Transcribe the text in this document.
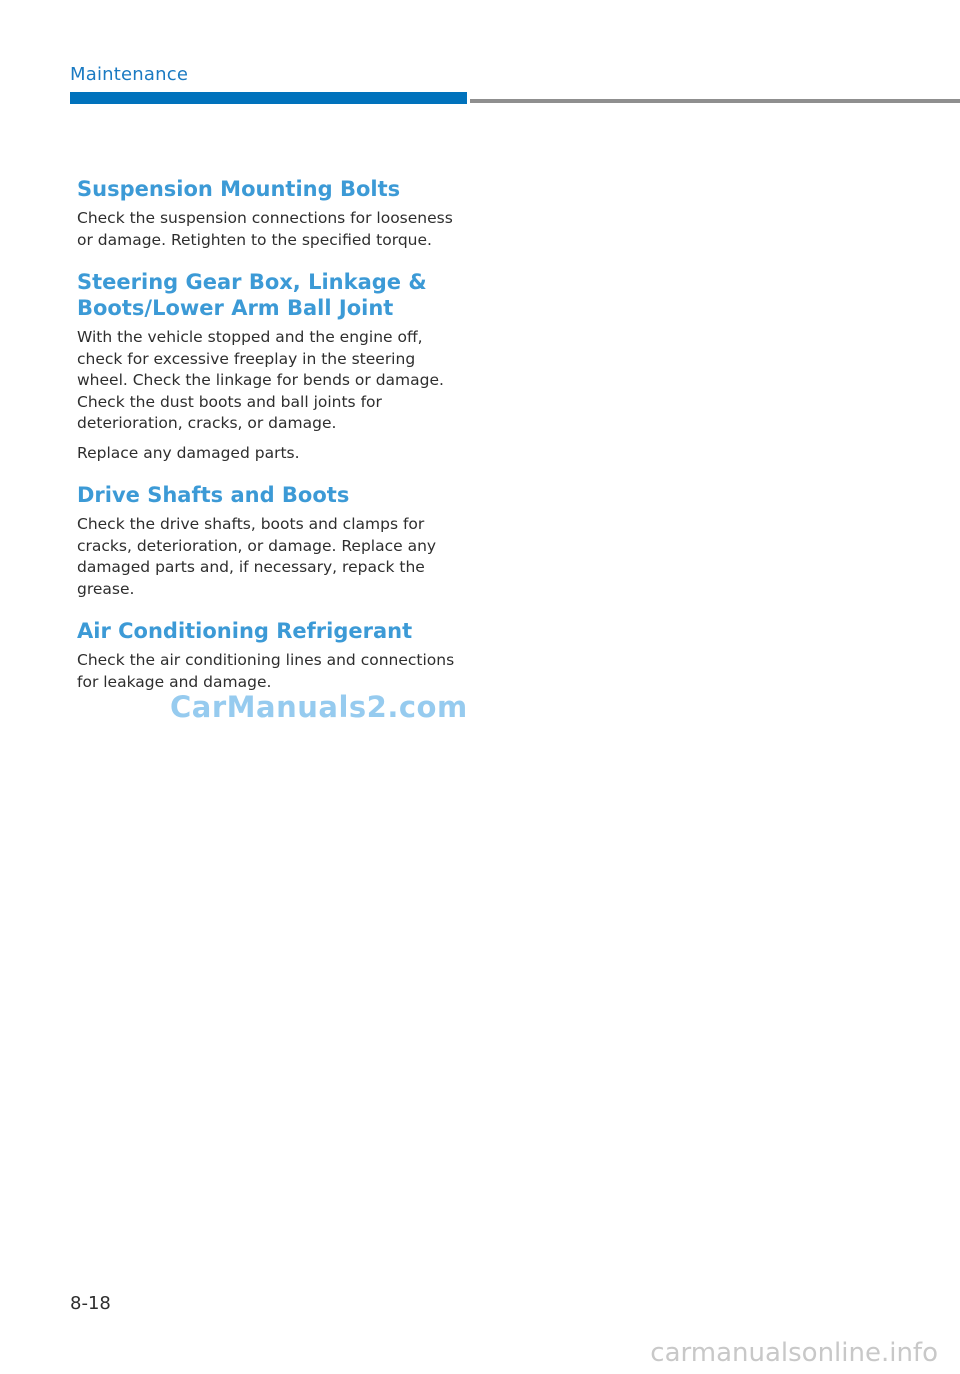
Maintenance
Suspension Mounting Bolts

Check the suspension connections for looseness or damage. Retighten to the specified torque.

Steering Gear Box, Linkage & Boots/Lower Arm Ball Joint

With the vehicle stopped and the engine off, check for excessive freeplay in the steering wheel. Check the linkage for bends or damage. Check the dust boots and ball joints for deterioration, cracks, or damage.

Replace any damaged parts.

Drive Shafts and Boots

Check the drive shafts, boots and clamps for cracks, deterioration, or damage. Replace any damaged parts and, if necessary, repack the grease.

Air Conditioning Refrigerant

Check the air conditioning lines and connections for leakage and damage.

CarManuals2.com
8-18
carmanualsonline.info
